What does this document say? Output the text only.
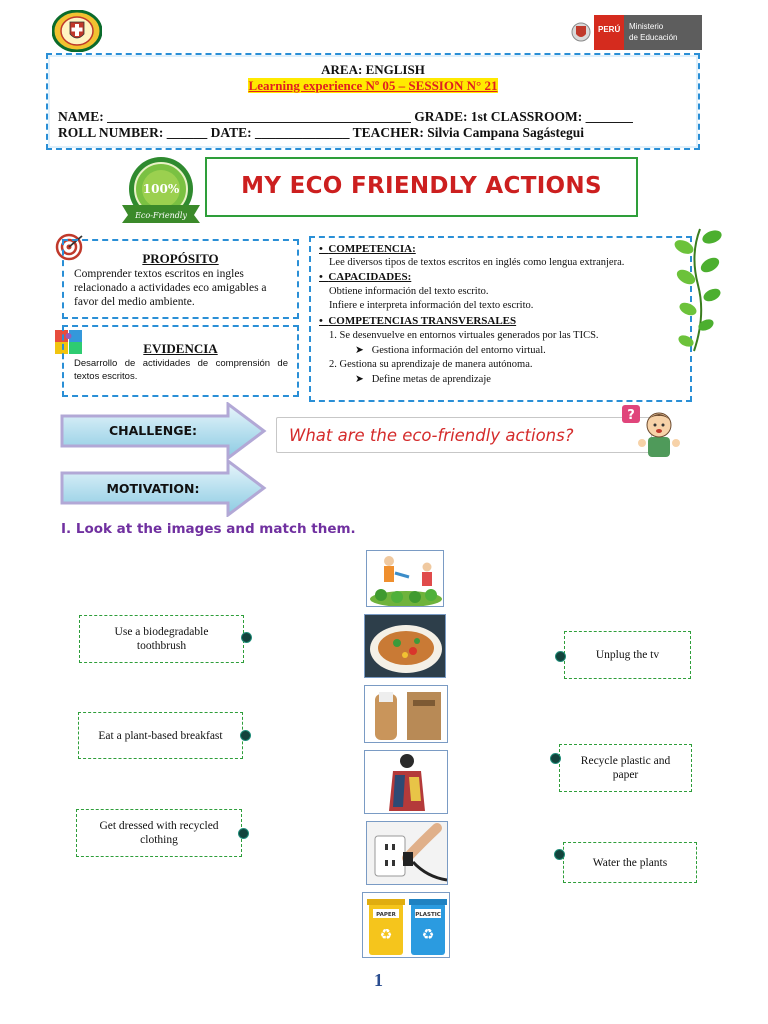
PERÚ Ministerio
de Educación
AREA: ENGLISH
Learning experience Nº 05 – SESSION N° 21
NAME: _____________________________________________ GRADE: 1st CLASSROOM: _______
ROLL NUMBER: ______ DATE: ______________ TEACHER: Silvia Campana Sagástegui
100%
Eco-Friendly
MY ECO FRIENDLY ACTIONS
PROPÓSITO
Comprender textos escritos en ingles relacionado a actividades eco amigables a favor del medio ambiente.
EVIDENCIA
Desarrollo de actividades de comprensión de textos escritos.
•  COMPETENCIA:
Lee diversos tipos de textos escritos en inglés como lengua extranjera.
•  CAPACIDADES:
Obtiene información del texto escrito.
Infiere e interpreta información del texto escrito.
•  COMPETENCIAS TRANSVERSALES
1. Se desenvuelve en entornos virtuales generados por las TICS.
➤   Gestiona información del entorno virtual.
2. Gestiona su aprendizaje de manera autónoma.
➤   Define metas de aprendizaje
CHALLENGE:	What are the eco-friendly actions?
?
MOTIVATION:
I. Look at the images and match them.
Use a biodegradable toothbrush
Eat a plant-based breakfast
Get dressed with recycled clothing
Unplug the tv
Recycle plastic and paper
Water the plants
PAPER	PLASTIC
♻ ♻
1
